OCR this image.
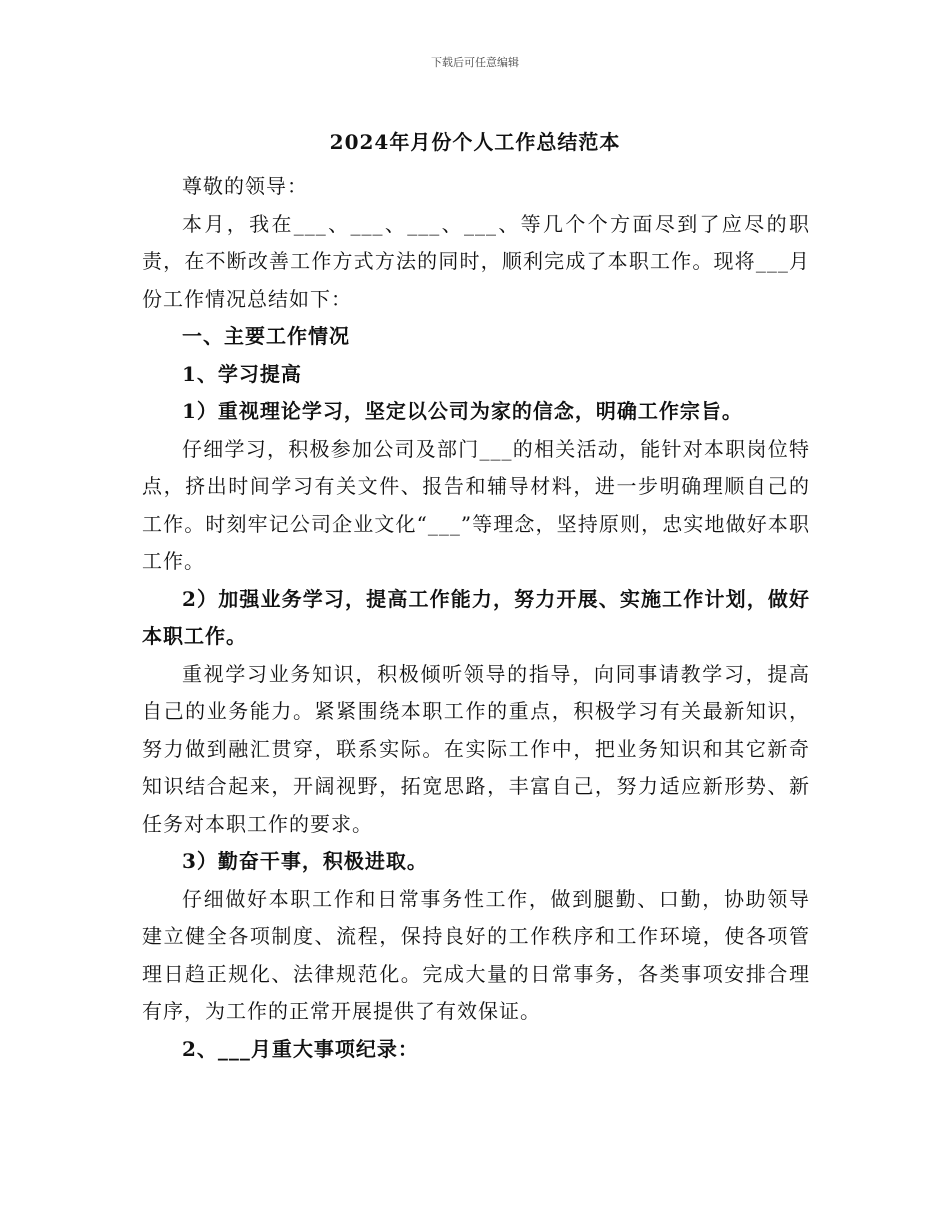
下载后可任意编辑
2024年月份个人工作总结范本

尊敬的领导：

本月，我在___、___、___、___、等几个个方面尽到了应尽的职责，在不断改善工作方式方法的同时，顺利完成了本职工作。现将___月份工作情况总结如下：

一、主要工作情况

1、学习提高

1）重视理论学习，坚定以公司为家的信念，明确工作宗旨。

仔细学习，积极参加公司及部门___的相关活动，能针对本职岗位特点，挤出时间学习有关文件、报告和辅导材料，进一步明确理顺自己的工作。时刻牢记公司企业文化“___”等理念，坚持原则，忠实地做好本职工作。

2）加强业务学习，提高工作能力，努力开展、实施工作计划，做好本职工作。

重视学习业务知识，积极倾听领导的指导，向同事请教学习，提高自己的业务能力。紧紧围绕本职工作的重点，积极学习有关最新知识，努力做到融汇贯穿，联系实际。在实际工作中，把业务知识和其它新奇知识结合起来，开阔视野，拓宽思路，丰富自己，努力适应新形势、新任务对本职工作的要求。

3）勤奋干事，积极进取。

仔细做好本职工作和日常事务性工作，做到腿勤、口勤，协助领导建立健全各项制度、流程，保持良好的工作秩序和工作环境，使各项管理日趋正规化、法律规范化。完成大量的日常事务，各类事项安排合理有序，为工作的正常开展提供了有效保证。

2、___月重大事项纪录：
